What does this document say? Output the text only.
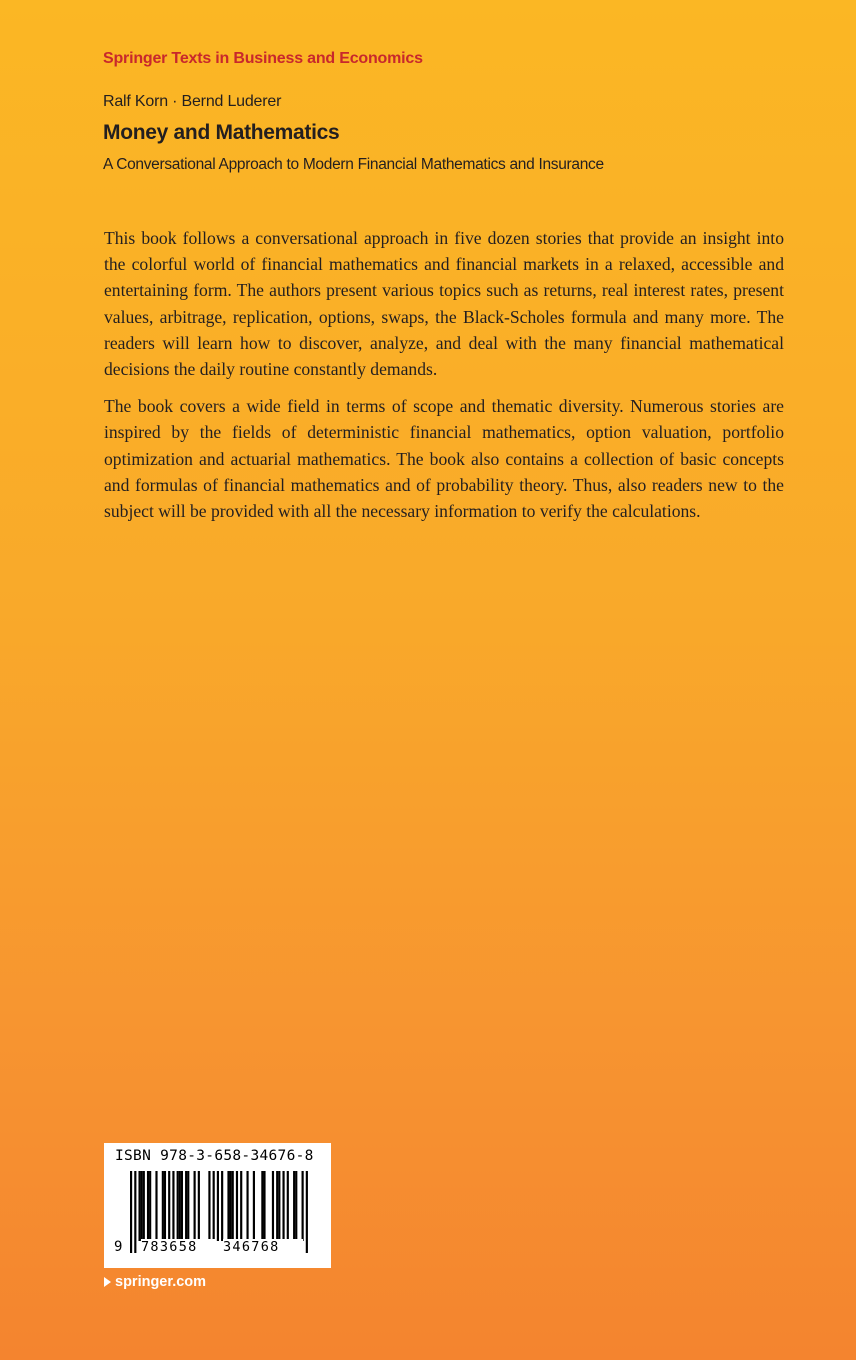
Springer Texts in Business and Economics
Ralf Korn · Bernd Luderer
Money and Mathematics
A Conversational Approach to Modern Financial Mathematics and Insurance

This book follows a conversational approach in five dozen stories that provide an insight into the colorful world of financial mathematics and financial markets in a relaxed, accessible and entertaining form. The authors present various topics such as returns, real interest rates, present values, arbitrage, replication, options, swaps, the Black-Scholes formula and many more. The readers will learn how to discover, analyze, and deal with the many financial mathematical decisions the daily routine constantly demands.

The book covers a wide field in terms of scope and thematic diversity. Numerous stories are inspired by the fields of deterministic financial mathematics, option valuation, portfolio optimization and actuarial mathematics. The book also contains a collection of basic concepts and formulas of financial mathematics and of probability theory. Thus, also readers new to the subject will be provided with all the necessary information to verify the calculations.

ISBN 978-3-658-34676-8
9 783658	346768
springer.com
